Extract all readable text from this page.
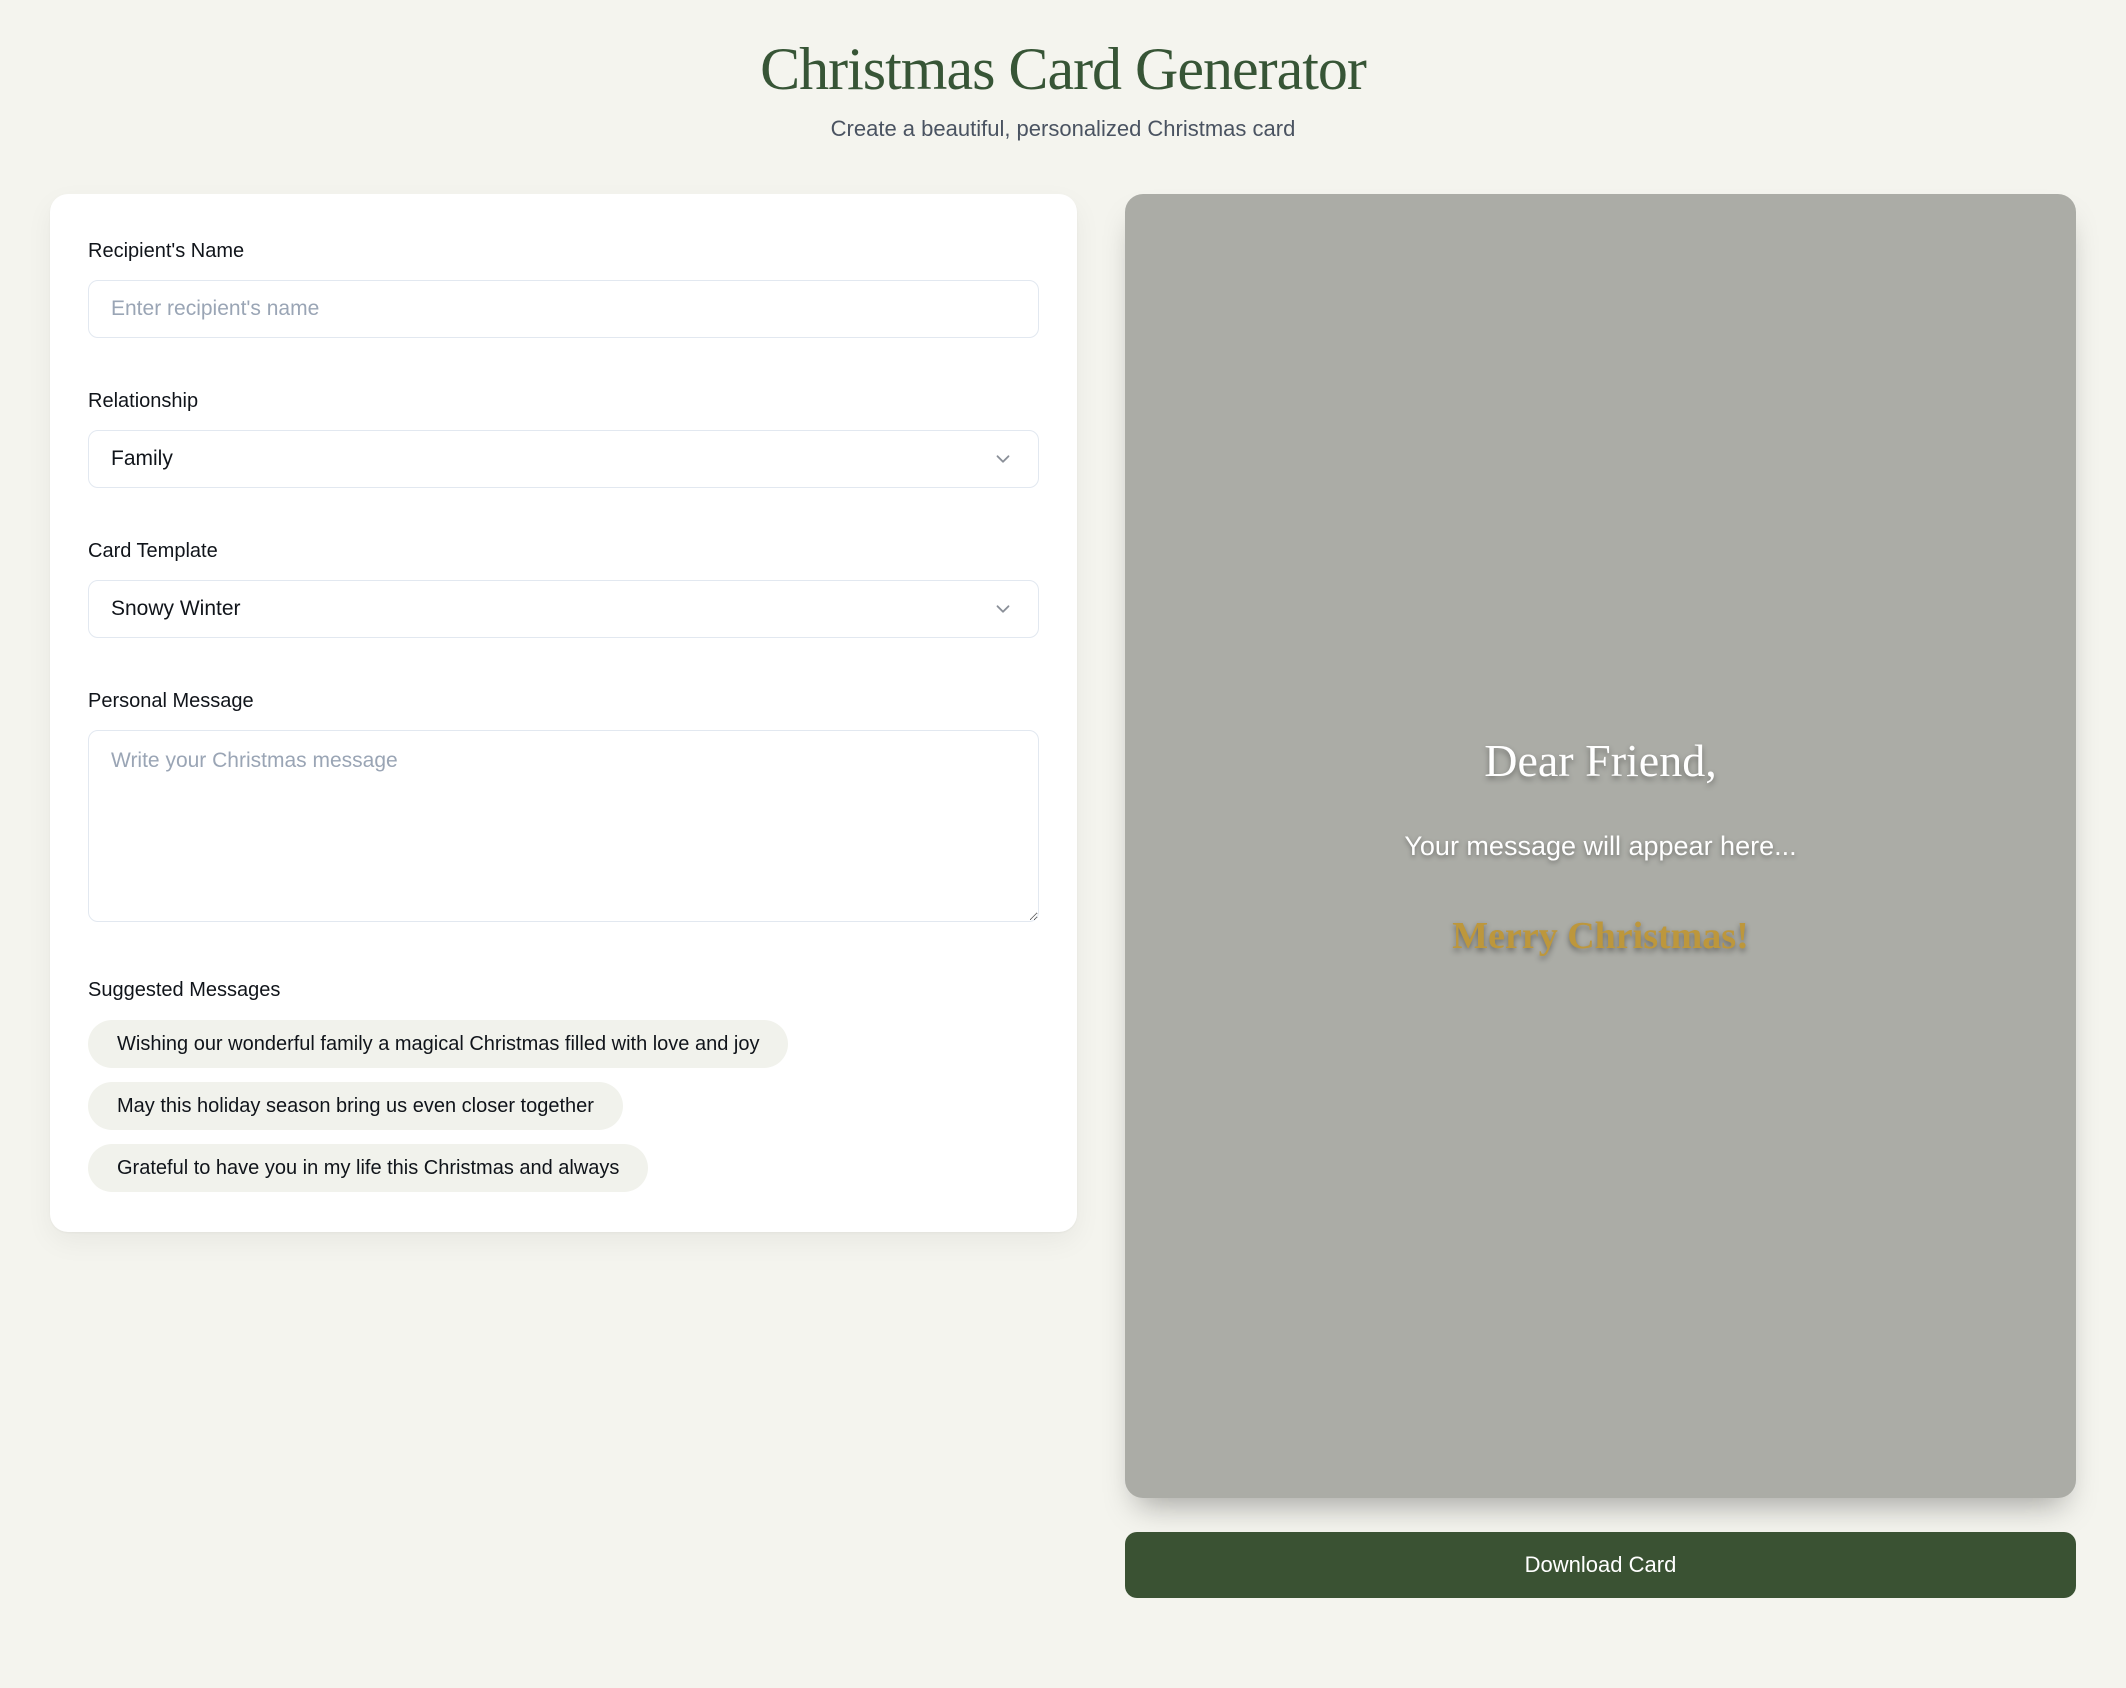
Christmas Card Generator

Create a beautiful, personalized Christmas card

Recipient's Name
Enter recipient's name
Relationship
Family
Card Template
Snowy Winter
Personal Message
Write your Christmas message
Suggested Messages
Wishing our wonderful family a magical Christmas filled with love and joy
May this holiday season bring us even closer together
Grateful to have you in my life this Christmas and always
Dear Friend,
Your message will appear here...
Merry Christmas!
Download Card
